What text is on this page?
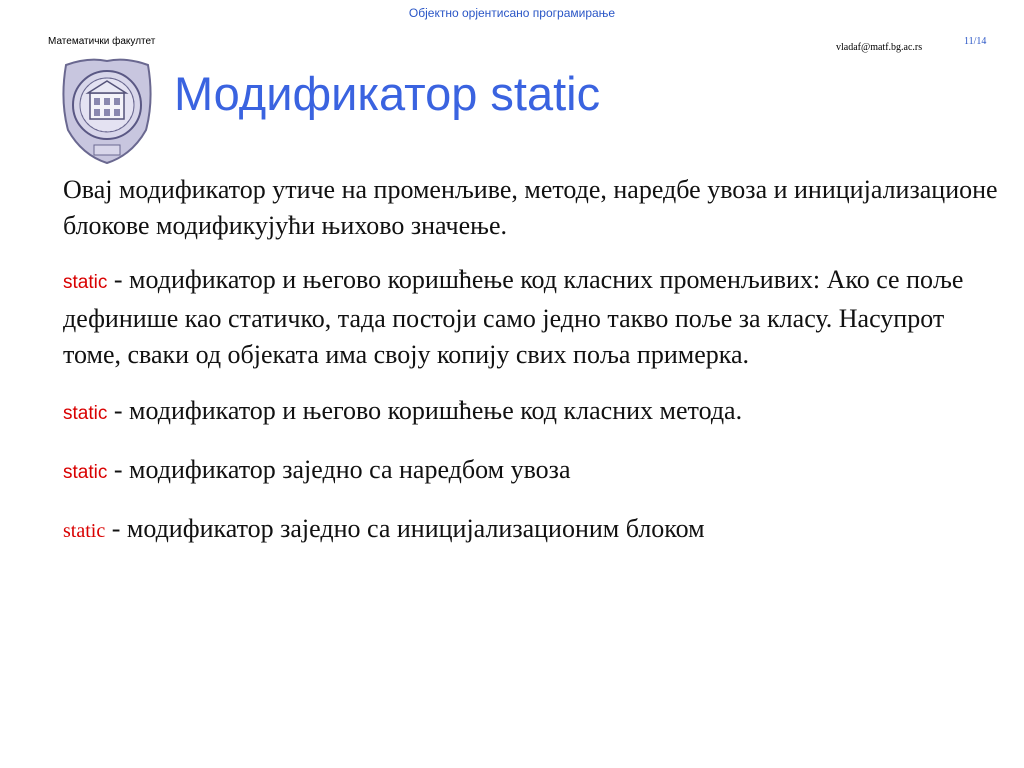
Објектно орјентисано програмирање
Математички факултет
vladaf@matf.bg.ac.rs
11/14
Модификатор static

Овај модификатор утиче на променљиве, методе, наредбе увоза и иницијализационе блокове модификујући њихово значење.

static - модификатор и његово коришћење код класних променљивих: Ако се поље дефинише као статичко, тада постоји само једно такво поље за класу. Насупрот томе, сваки од објеката има своју копију свих поља примерка.

static - модификатор и његово коришћење код класних метода.

static - модификатор заједно са наредбом увоза

static - модификатор заједно са иницијализационим блоком
